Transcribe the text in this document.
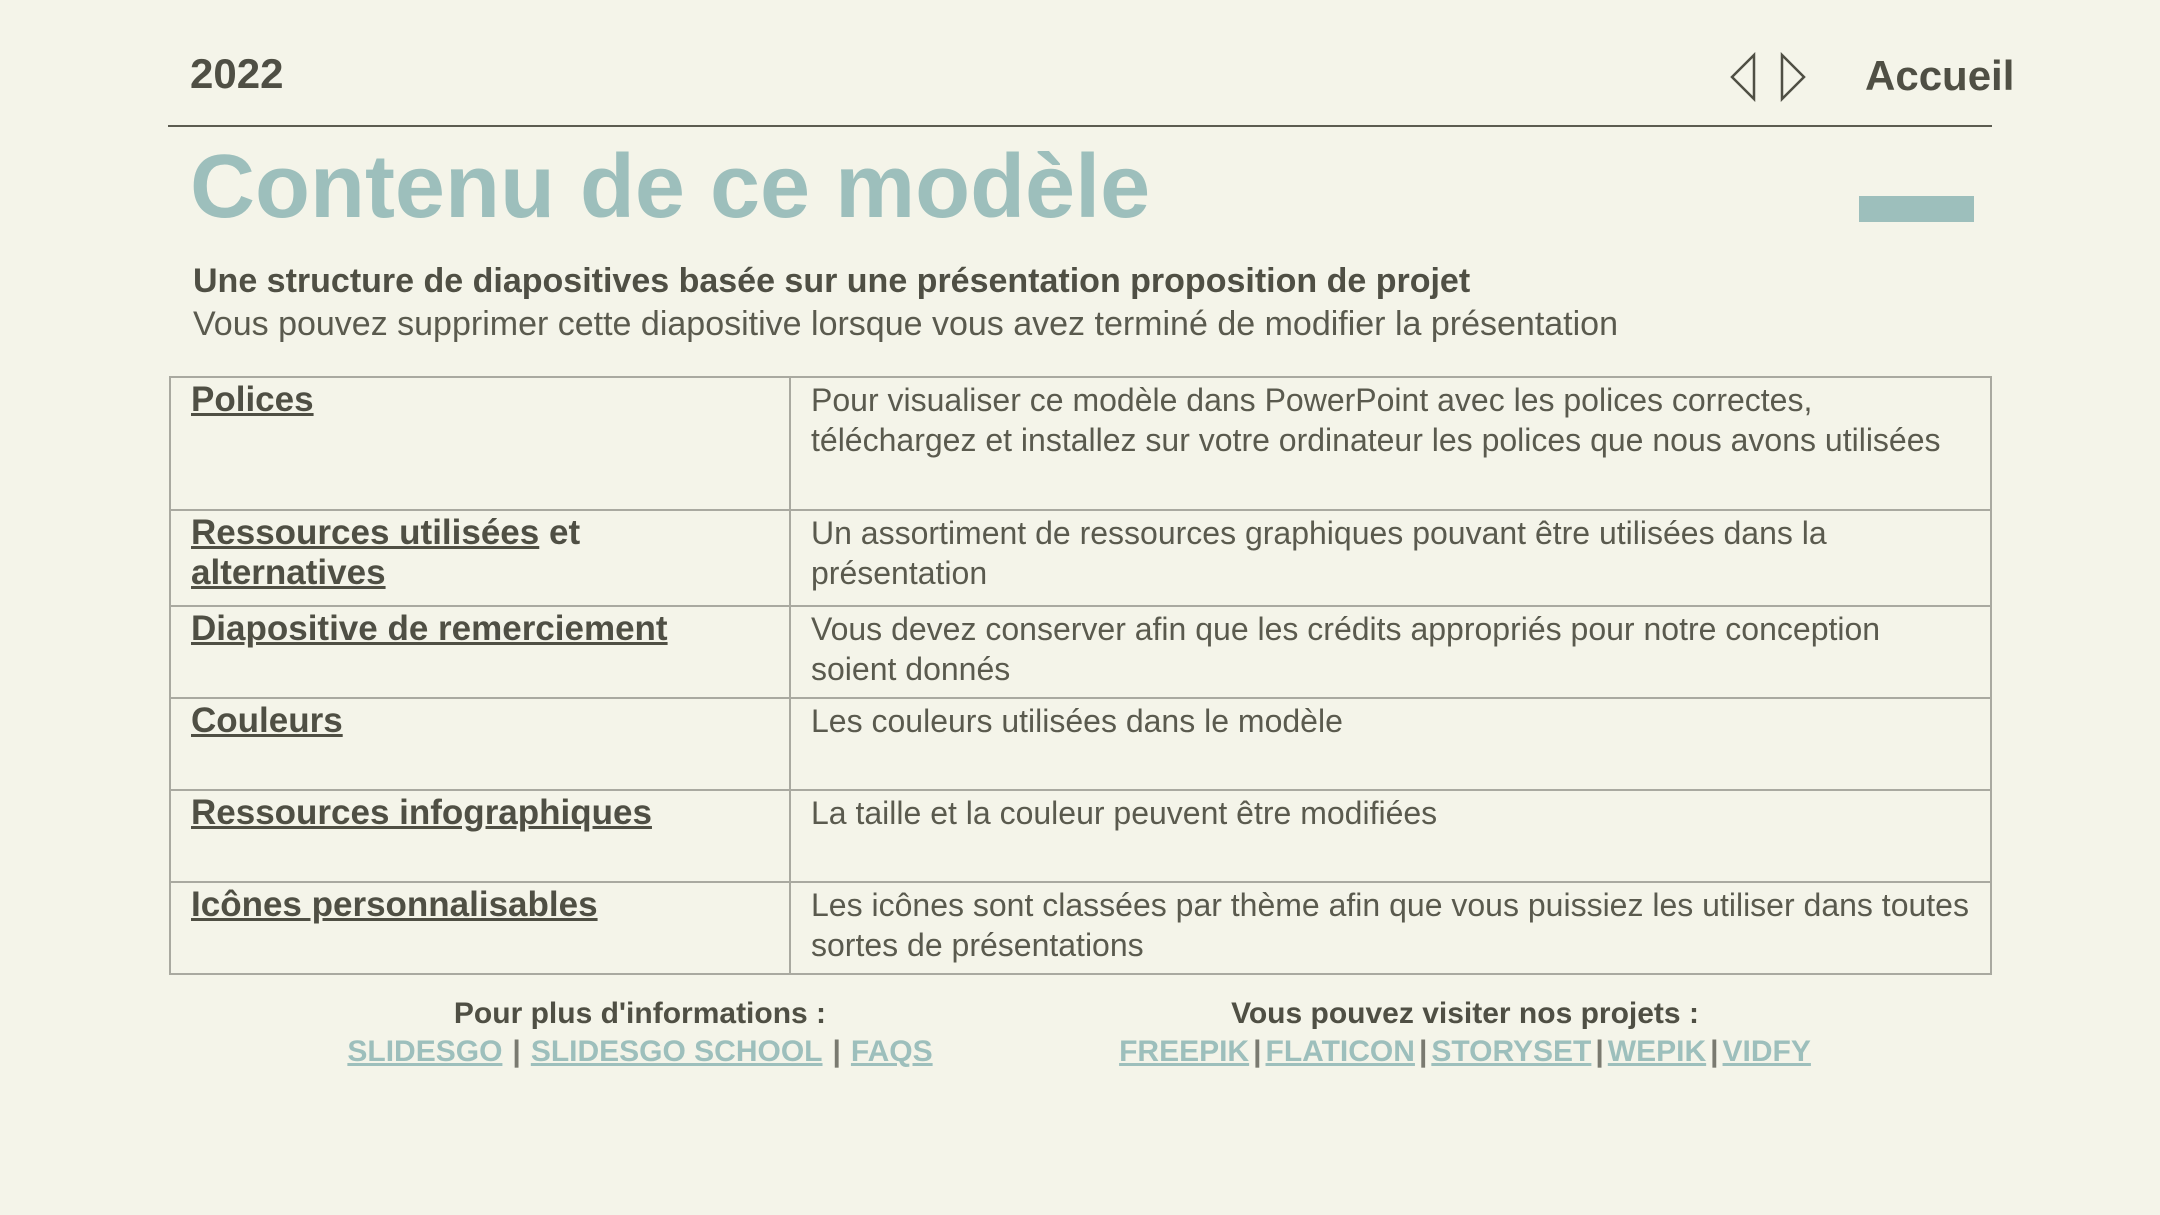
2022	Accueil
Contenu de ce modèle
Une structure de diapositives basée sur une présentation proposition de projet
Vous pouvez supprimer cette diapositive lorsque vous avez terminé de modifier la présentation
Polices	Pour visualiser ce modèle dans PowerPoint avec les polices correctes, téléchargez et installez sur votre ordinateur les polices que nous avons utilisées
Ressources utilisées et alternatives	Un assortiment de ressources graphiques pouvant être utilisées dans la présentation
Diapositive de remerciement	Vous devez conserver afin que les crédits appropriés pour notre conception soient donnés
Couleurs	Les couleurs utilisées dans le modèle
Ressources infographiques	La taille et la couleur peuvent être modifiées
Icônes personnalisables	Les icônes sont classées par thème afin que vous puissiez les utiliser dans toutes sortes de présentations
Pour plus d'informations :
SLIDESGO | SLIDESGO SCHOOL | FAQS
Vous pouvez visiter nos projets :
FREEPIK | FLATICON | STORYSET | WEPIK | VIDFY
